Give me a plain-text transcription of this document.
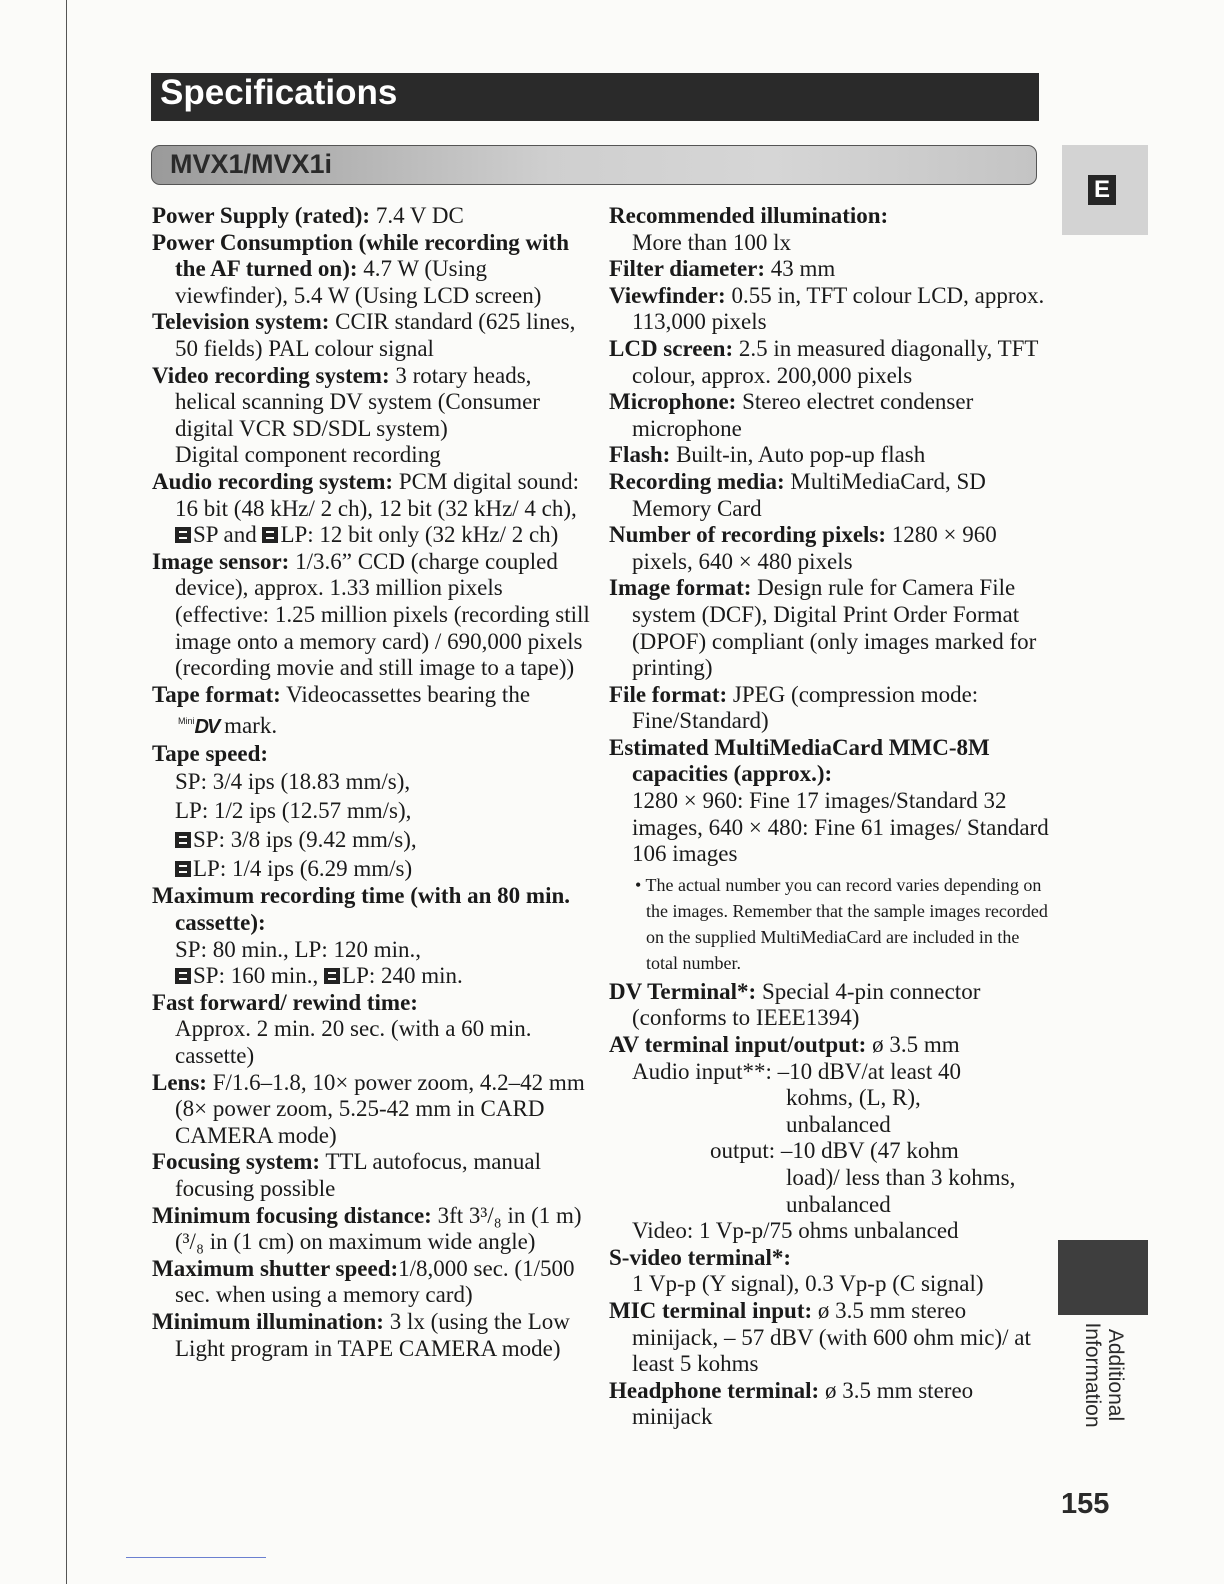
Specifications
MVX1/MVX1i

Power Supply (rated): 7.4 V DC

Power Consumption (while recording with the AF turned on): 4.7 W (Using viewfinder), 5.4 W (Using LCD screen)

Television system: CCIR standard (625 lines, 50 fields) PAL colour signal

Video recording system: 3 rotary heads, helical scanning DV system (Consumer digital VCR SD/SDL system)

Digital component recording

Audio recording system: PCM digital sound: 16 bit (48 kHz/ 2 ch), 12 bit (32 kHz/ 4 ch), SP and LP: 12 bit only (32 kHz/ 2 ch)

Image sensor: 1/3.6” CCD (charge coupled device), approx. 1.33 million pixels (effective: 1.25 million pixels (recording still image onto a memory card) / 690,000 pixels (recording movie and still image to a tape))

Tape format: Videocassettes bearing the
$^{Mini}$DV mark.

Tape speed:

SP: 3/4 ips (18.83 mm/s),

LP: 1/2 ips (12.57 mm/s),

SP: 3/8 ips (9.42 mm/s),

LP: 1/4 ips (6.29 mm/s)

Maximum recording time (with an 80 min. cassette):

SP: 80 min., LP: 120 min.,

SP: 160 min., LP: 240 min.

Fast forward/ rewind time:

Approx. 2 min. 20 sec. (with a 60 min. cassette)

Lens: F/1.6–1.8, 10× power zoom, 4.2–42 mm (8× power zoom, 5.25-42 mm in CARD CAMERA mode)

Focusing system: TTL autofocus, manual focusing possible

Minimum focusing distance: 3ft 3³/₈ in (1 m) (³/₈ in (1 cm) on maximum wide angle)

Maximum shutter speed:1/8,000 sec. (1/500 sec. when using a memory card)

Minimum illumination: 3 lx (using the Low Light program in TAPE CAMERA mode)

Recommended illumination:

More than 100 lx

Filter diameter: 43 mm

Viewfinder: 0.55 in, TFT colour LCD, approx. 113,000 pixels

LCD screen: 2.5 in measured diagonally, TFT colour, approx. 200,000 pixels

Microphone: Stereo electret condenser microphone

Flash: Built-in, Auto pop-up flash

Recording media: MultiMediaCard, SD Memory Card

Number of recording pixels: 1280 × 960 pixels, 640 × 480 pixels

Image format: Design rule for Camera File system (DCF), Digital Print Order Format (DPOF) compliant (only images marked for printing)

File format: JPEG (compression mode: Fine/Standard)

Estimated MultiMediaCard MMC-8M capacities (approx.):

1280 × 960: Fine 17 images/Standard 32 images, 640 × 480: Fine 61 images/ Standard 106 images

• The actual number you can record varies depending on the images. Remember that the sample images recorded on the supplied MultiMediaCard are included in the total number.

DV Terminal*: Special 4-pin connector (conforms to IEEE1394)

AV terminal input/output: ø 3.5 mm

Audio input**: –10 dBV/at least 40

kohms, (L, R),

unbalanced

output: –10 dBV (47 kohm

load)/ less than 3 kohms,

unbalanced

Video: 1 Vp-p/75 ohms unbalanced

S-video terminal*:

1 Vp-p (Y signal), 0.3 Vp-p (C signal)

MIC terminal input: ø 3.5 mm stereo minijack, – 57 dBV (with 600 ohm mic)/ at least 5 kohms

Headphone terminal: ø 3.5 mm stereo minijack

E
Additional
Information
155
